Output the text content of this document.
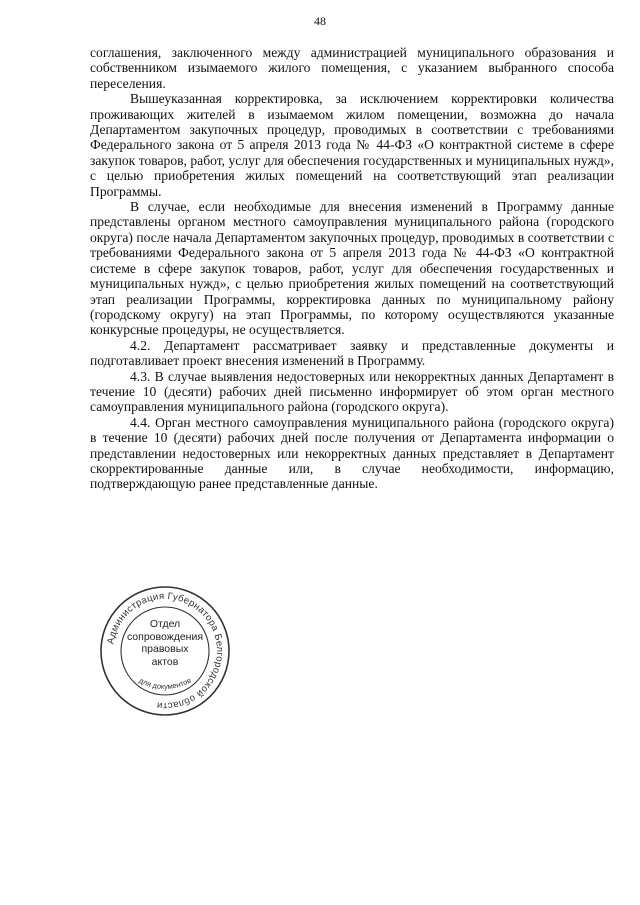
48

соглашения, заключенного между администрацией муниципального образования и собственником изымаемого жилого помещения, с указанием выбранного способа переселения.

Вышеуказанная корректировка, за исключением корректировки количества проживающих жителей в изымаемом жилом помещении, возможна до начала Департаментом закупочных процедур, проводимых в соответствии с требованиями Федерального закона от 5 апреля 2013 года № 44-ФЗ «О контрактной системе в сфере закупок товаров, работ, услуг для обеспечения государственных и муниципальных нужд», с целью приобретения жилых помещений на соответствующий этап реализации Программы.

В случае, если необходимые для внесения изменений в Программу данные представлены органом местного самоуправления муниципального района (городского округа) после начала Департаментом закупочных процедур, проводимых в соответствии с требованиями Федерального закона от 5 апреля 2013 года № 44-ФЗ «О контрактной системе в сфере закупок товаров, работ, услуг для обеспечения государственных и муниципальных нужд», с целью приобретения жилых помещений на соответствующий этап реализации Программы, корректировка данных по муниципальному району (городскому округу) на этап Программы, по которому осуществляются указанные конкурсные процедуры, не осуществляется.

4.2. Департамент рассматривает заявку и представленные документы и подготавливает проект внесения изменений в Программу.

4.3. В случае выявления недостоверных или некорректных данных Департамент в течение 10 (десяти) рабочих дней письменно информирует об этом орган местного самоуправления муниципального района (городского округа).

4.4. Орган местного самоуправления муниципального района (городского округа) в течение 10 (десяти) рабочих дней после получения от Департамента информации о представлении недостоверных или некорректных данных представляет в Департамент скорректированные данные или, в случае необходимости, информацию, подтверждающую ранее представленные данные.

Администрация Губернатора Белгородской области
Отдел
сопровождения
правовых
актов
для документов
